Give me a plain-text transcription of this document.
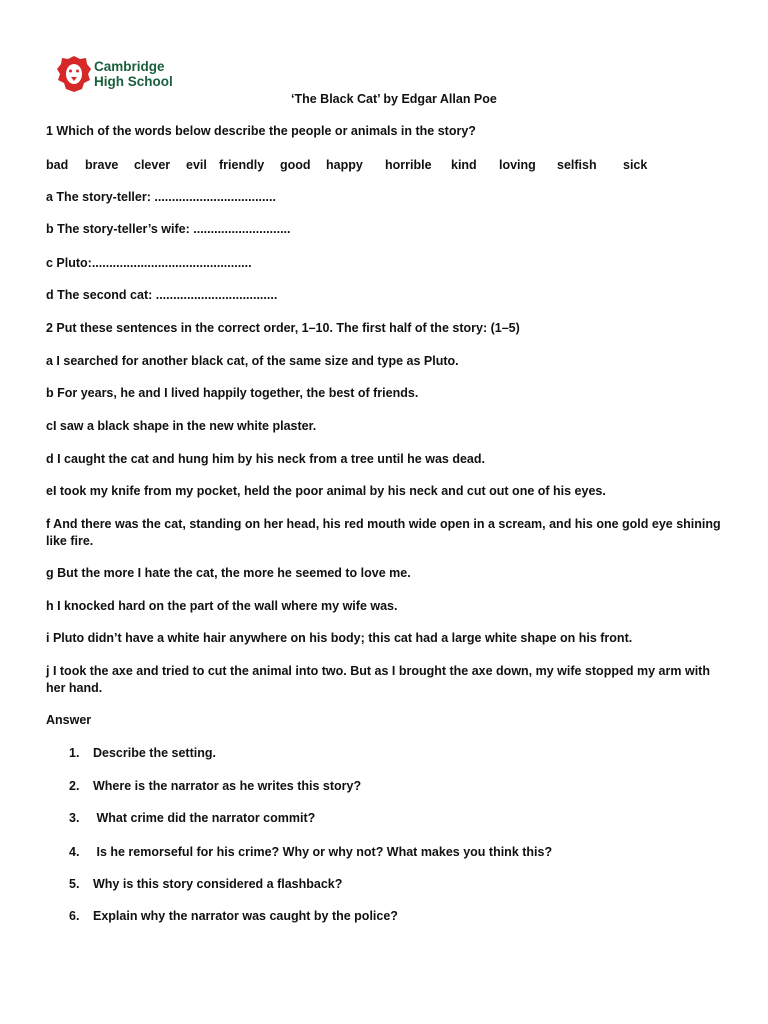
Cambridge
High School
‘The Black Cat’ by Edgar Allan Poe
1 Which of the words below describe the people or animals in the story?
bad brave clever evil friendly good happy horrible kind loving selfish sick
a The story-teller: ...................................
b The story-teller’s wife: ............................
c Pluto:..............................................
d The second cat: ...................................
2 Put these sentences in the correct order, 1–10. The first half of the story: (1–5)
a I searched for another black cat, of the same size and type as Pluto.
b For years, he and I lived happily together, the best of friends.
cI saw a black shape in the new white plaster.
d I caught the cat and hung him by his neck from a tree until he was dead.
eI took my knife from my pocket, held the poor animal by his neck and cut out one of his eyes.
f And there was the cat, standing on her head, his red mouth wide open in a scream, and his one gold eye shining like fire.
g But the more I hate the cat, the more he seemed to love me.
h I knocked hard on the part of the wall where my wife was.
i Pluto didn’t have a white hair anywhere on his body; this cat had a large white shape on his front.
j I took the axe and tried to cut the animal into two. But as I brought the axe down, my wife stopped my arm with her hand.
Answer
1. Describe the setting.
2. Where is the narrator as he writes this story?
3. What crime did the narrator commit?
4. Is he remorseful for his crime? Why or why not? What makes you think this?
5. Why is this story considered a flashback?
6. Explain why the narrator was caught by the police?
